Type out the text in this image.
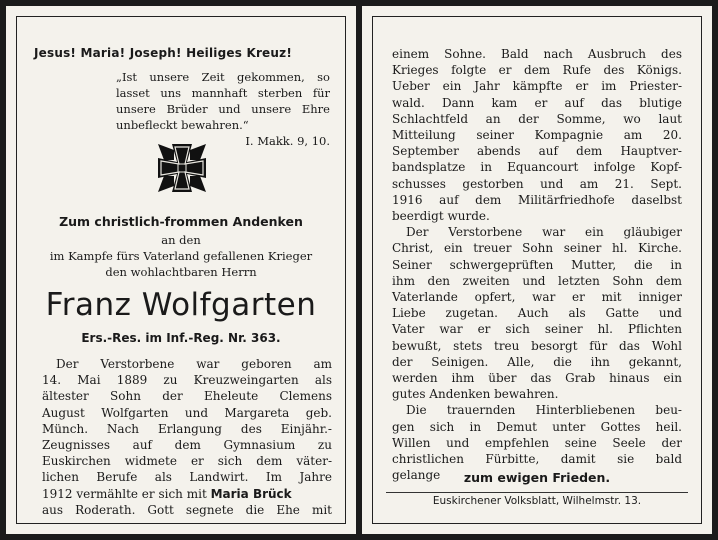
Jesus! Maria! Joseph! Heiliges Kreuz!
„Ist unsere Zeit gekommen, so
lasset uns mannhaft sterben für
unsere Brüder und unsere Ehre
unbefleckt bewahren.“
I. Makk. 9, 10.
Zum christlich-frommen Andenken
an den
im Kampfe fürs Vaterland gefallenen Krieger
den wohlachtbaren Herrn
Franz Wolfgarten
Ers.-Res. im Inf.-Reg. Nr. 363.
Der Verstorbene war geboren am
14. Mai 1889 zu Kreuzweingarten als
ältester Sohn der Eheleute Clemens
August Wolfgarten und Margareta geb.
Münch. Nach Erlangung des Einjähr.-
Zeugnisses auf dem Gymnasium zu
Euskirchen widmete er sich dem väter-
lichen Berufe als Landwirt. Im Jahre
1912 vermählte er sich mit Maria Brück
aus Roderath. Gott segnete die Ehe mit
einem Sohne. Bald nach Ausbruch des
Krieges folgte er dem Rufe des Königs.
Ueber ein Jahr kämpfte er im Priester-
wald. Dann kam er auf das blutige
Schlachtfeld an der Somme, wo laut
Mitteilung seiner Kompagnie am 20.
September abends auf dem Hauptver-
bandsplatze in Equancourt infolge Kopf-
schusses gestorben und am 21. Sept.
1916 auf dem Militärfriedhofe daselbst
beerdigt wurde.
Der Verstorbene war ein gläubiger
Christ, ein treuer Sohn seiner hl. Kirche.
Seiner schwergeprüften Mutter, die in
ihm den zweiten und letzten Sohn dem
Vaterlande opfert, war er mit inniger
Liebe zugetan. Auch als Gatte und
Vater war er sich seiner hl. Pflichten
bewußt, stets treu besorgt für das Wohl
der Seinigen. Alle, die ihn gekannt,
werden ihm über das Grab hinaus ein
gutes Andenken bewahren.
Die trauernden Hinterbliebenen beu-
gen sich in Demut unter Gottes heil.
Willen und empfehlen seine Seele der
christlichen Fürbitte, damit sie bald
gelange	zum ewigen Frieden.
Euskirchener Volksblatt, Wilhelmstr. 13.
